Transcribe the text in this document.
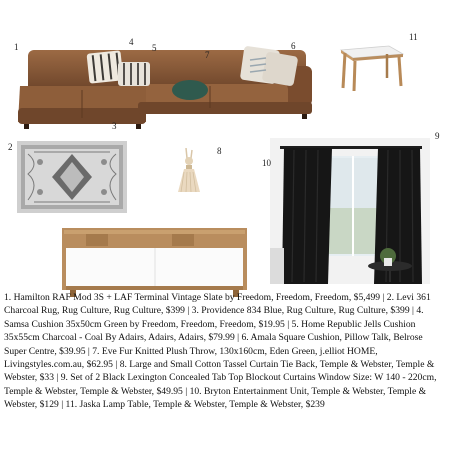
1
2
3
4
5	6
7
8
9
10
11
1. Hamilton RAF Mod 3S + LAF Terminal Vintage Slate by Freedom, Freedom, Freedom, $5,499 | 2. Levi 361 Charcoal Rug, Rug Culture, Rug Culture, $399 | 3. Providence 834 Blue, Rug Culture, Rug Culture, $399 | 4. Samsa Cushion 35x50cm Green by Freedom, Freedom, Freedom, $19.95 | 5. Home Republic Jells Cushion 35x55cm Charcoal - Coal By Adairs, Adairs, Adairs, $79.99 | 6. Amala Square Cushion, Pillow Talk, Belrose Super Centre, $39.95 | 7. Eve Fur Knitted Plush Throw, 130x160cm, Eden Green, j.elliot HOME, Livingstyles.com.au, $62.95 | 8. Large and Small Cotton Tassel Curtain Tie Back, Temple & Webster, Temple & Webster, $33 | 9. Set of 2 Black Lexington Concealed Tab Top Blockout Curtains Window Size: W 140 - 220cm, Temple & Webster, Temple & Webster, $49.95 | 10. Bryton Entertainment Unit, Temple & Webster, Temple & Webster, $129 | 11. Jaska Lamp Table, Temple & Webster, Temple & Webster, $239
